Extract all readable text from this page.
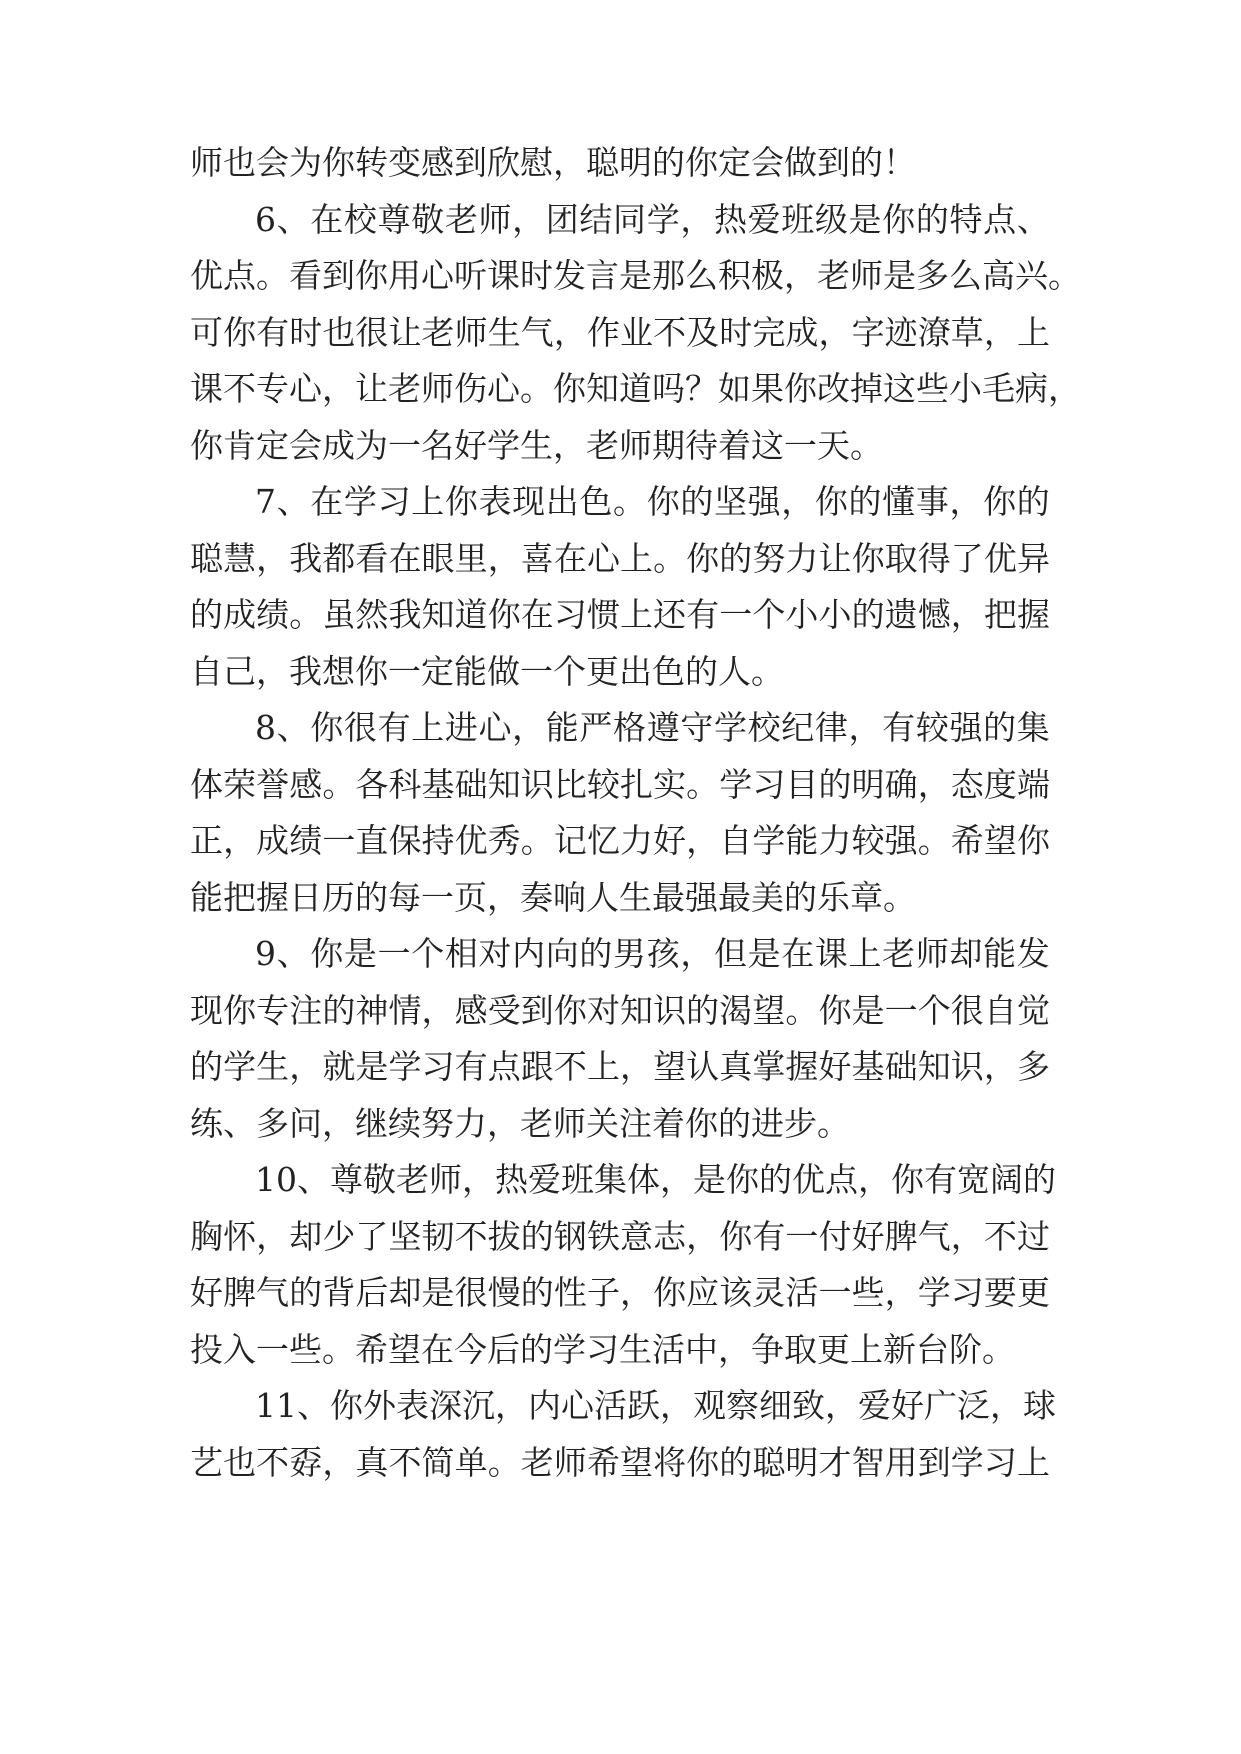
师也会为你转变感到欣慰，聪明的你定会做到的！
6 、 在 校 尊 敬 老 师 ， 团 结 同 学 ， 热 爱 班 级 是 你 的 特 点 、
优 点 。 看 到 你 用 心 听 课 时 发 言 是 那 么 积 极 ， 老 师 是 多 么 高 兴 。
可 你 有 时 也 很 让 老 师 生 气 ， 作 业 不 及 时 完 成 ， 字 迹 潦 草 ， 上
课 不 专 心 ， 让 老 师 伤 心 。 你 知 道 吗 ？ 如 果 你 改 掉 这 些 小 毛 病 ，
你肯定会成为一名好学生，老师期待着这一天。
7 、 在 学 习 上 你 表 现 出 色 。 你 的 坚 强 ， 你 的 懂 事 ， 你 的
聪 慧 ， 我 都 看 在 眼 里 ， 喜 在 心 上 。 你 的 努 力 让 你 取 得 了 优 异
的 成 绩 。 虽 然 我 知 道 你 在 习 惯 上 还 有 一 个 小 小 的 遗 憾 ， 把 握
自己，我想你一定能做一个更出色的人。
8 、 你 很 有 上 进 心 ， 能 严 格 遵 守 学 校 纪 律 ， 有 较 强 的 集
体 荣 誉 感 。 各 科 基 础 知 识 比 较 扎 实 。 学 习 目 的 明 确 ， 态 度 端
正 ， 成 绩 一 直 保 持 优 秀 。 记 忆 力 好 ， 自 学 能 力 较 强 。 希 望 你
能把握日历的每一页，奏响人生最强最美的乐章。
9 、 你 是 一 个 相 对 内 向 的 男 孩 ， 但 是 在 课 上 老 师 却 能 发
现 你 专 注 的 神 情 ， 感 受 到 你 对 知 识 的 渴 望 。 你 是 一 个 很 自 觉
的 学 生 ， 就 是 学 习 有 点 跟 不 上 ， 望 认 真 掌 握 好 基 础 知 识 ， 多
练、多问，继续努力，老师关注着你的进步。
1 0 、 尊 敬 老 师 ， 热 爱 班 集 体 ， 是 你 的 优 点 ， 你 有 宽 阔 的
胸 怀 ， 却 少 了 坚 韧 不 拔 的 钢 铁 意 志 ， 你 有 一 付 好 脾 气 ， 不 过
好 脾 气 的 背 后 却 是 很 慢 的 性 子 ， 你 应 该 灵 活 一 些 ， 学 习 要 更
投入一些。希望在今后的学习生活中，争取更上新台阶。
1 1 、 你 外 表 深 沉 ， 内 心 活 跃 ， 观 察 细 致 ， 爱 好 广 泛 ， 球
艺 也 不 孬 ， 真 不 简 单 。 老 师 希 望 将 你 的 聪 明 才 智 用 到 学 习 上
